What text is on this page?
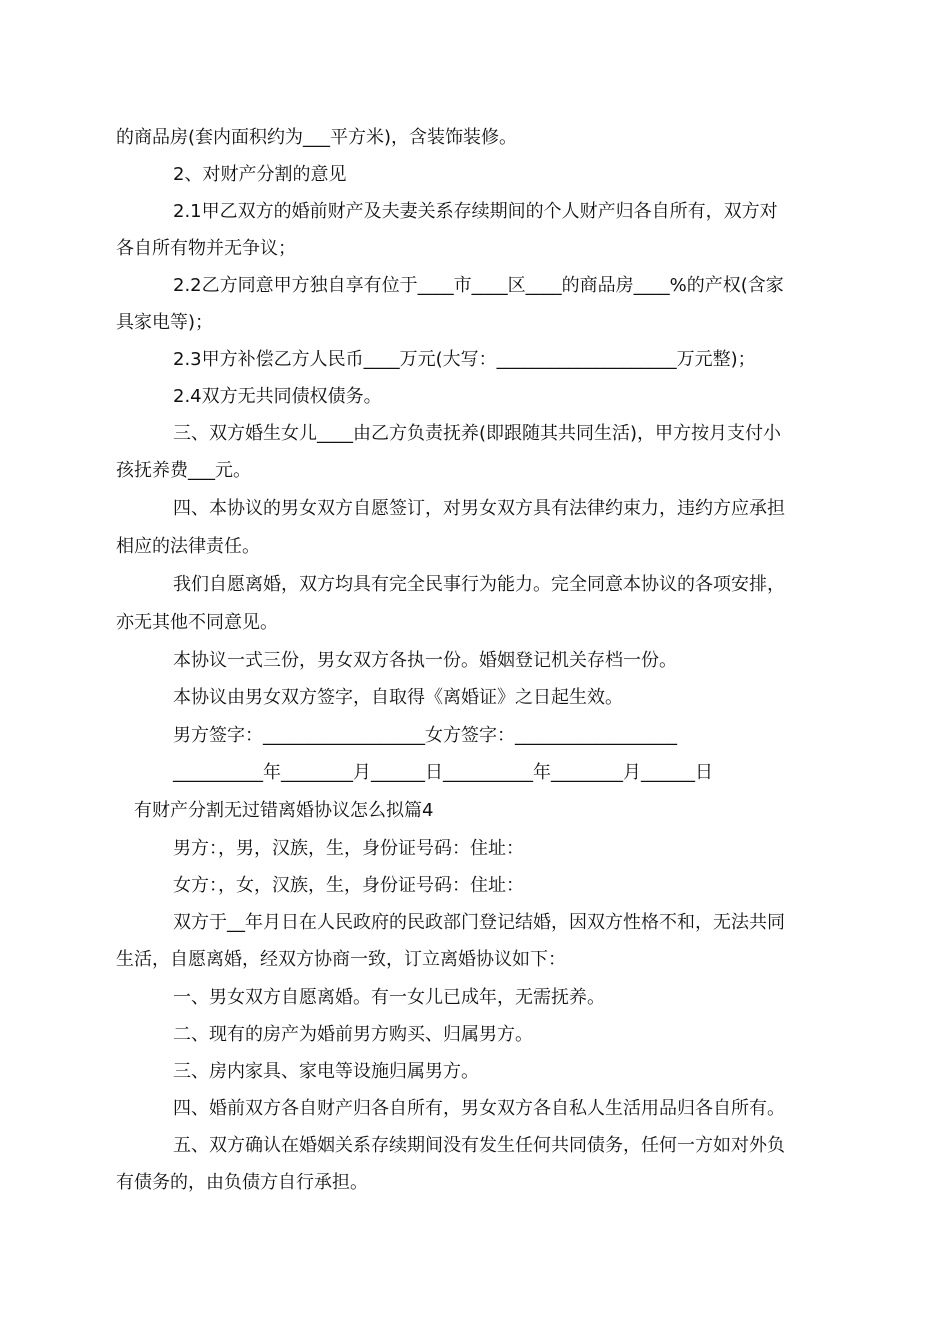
的商品房(套内面积约为___平方米)，含装饰装修。

2、对财产分割的意见

2.1甲乙双方的婚前财产及夫妻关系存续期间的个人财产归各自所有，双方对

各自所有物并无争议；

2.2乙方同意甲方独自享有位于____市____区____的商品房____%的产权(含家

具家电等)；

2.3甲方补偿乙方人民币____万元(大写：____________________万元整)；

2.4双方无共同债权债务。

三、双方婚生女儿____由乙方负责抚养(即跟随其共同生活)，甲方按月支付小

孩抚养费___元。

四、本协议的男女双方自愿签订，对男女双方具有法律约束力，违约方应承担

相应的法律责任。

我们自愿离婚，双方均具有完全民事行为能力。完全同意本协议的各项安排，

亦无其他不同意见。

本协议一式三份，男女双方各执一份。婚姻登记机关存档一份。

本协议由男女双方签字，自取得《离婚证》之日起生效。

男方签字：__________________女方签字：__________________

__________年________月______日__________年________月______日

有财产分割无过错离婚协议怎么拟篇4

男方：，男，汉族，生，身份证号码：住址：

女方：，女，汉族，生，身份证号码：住址：

双方于__年月日在人民政府的民政部门登记结婚，因双方性格不和，无法共同

生活，自愿离婚，经双方协商一致，订立离婚协议如下：

一、男女双方自愿离婚。有一女儿已成年，无需抚养。

二、现有的房产为婚前男方购买、归属男方。

三、房内家具、家电等设施归属男方。

四、婚前双方各自财产归各自所有，男女双方各自私人生活用品归各自所有。

五、双方确认在婚姻关系存续期间没有发生任何共同债务，任何一方如对外负

有债务的，由负债方自行承担。
